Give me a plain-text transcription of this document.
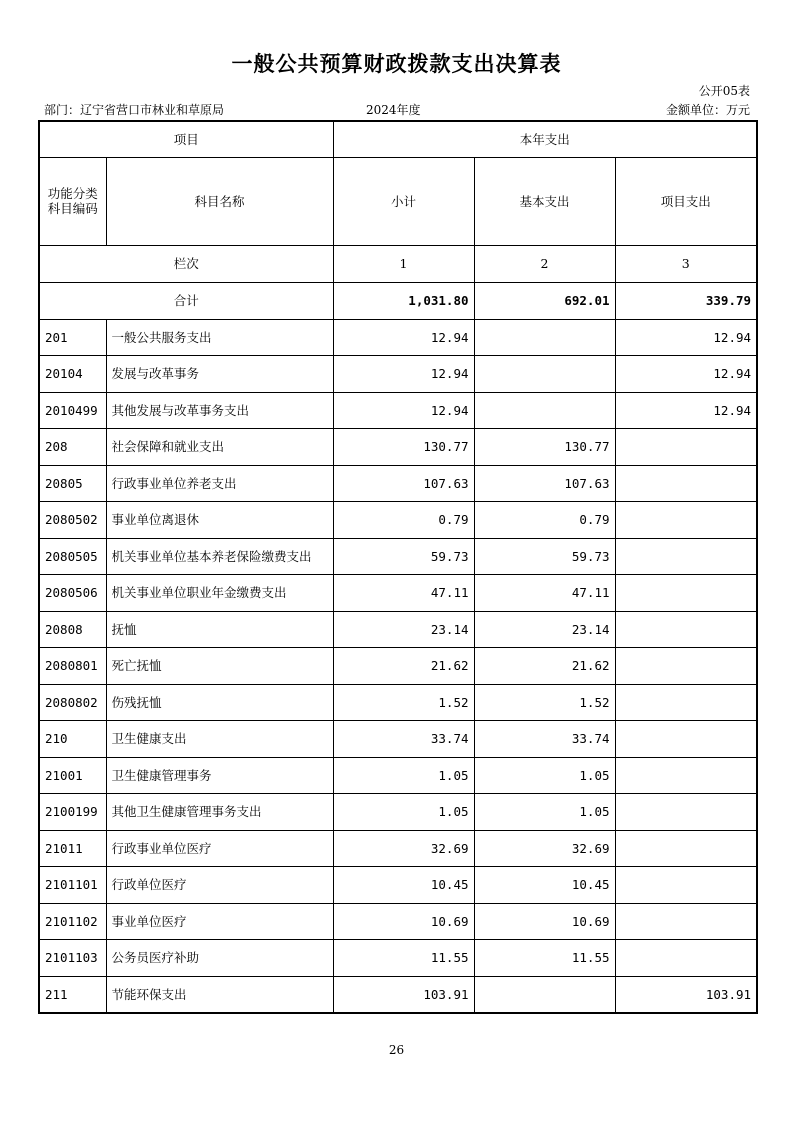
一般公共预算财政拨款支出决算表
公开05表
部门：辽宁省营口市林业和草原局	2024年度	金额单位：万元
项目		本年支出		
功能分类科目编码	科目名称	小计	基本支出	项目支出
栏次		1	2	3
合计		1,031.80	692.01	339.79
201	一般公共服务支出	12.94		12.94
20104	发展与改革事务	12.94		12.94
2010499	其他发展与改革事务支出	12.94		12.94
208	社会保障和就业支出	130.77	130.77	
20805	行政事业单位养老支出	107.63	107.63	
2080502	事业单位离退休	0.79	0.79	
2080505	机关事业单位基本养老保险缴费支出	59.73	59.73	
2080506	机关事业单位职业年金缴费支出	47.11	47.11	
20808	抚恤	23.14	23.14	
2080801	死亡抚恤	21.62	21.62	
2080802	伤残抚恤	1.52	1.52	
210	卫生健康支出	33.74	33.74	
21001	卫生健康管理事务	1.05	1.05	
2100199	其他卫生健康管理事务支出	1.05	1.05	
21011	行政事业单位医疗	32.69	32.69	
2101101	行政单位医疗	10.45	10.45	
2101102	事业单位医疗	10.69	10.69	
2101103	公务员医疗补助	11.55	11.55	
211	节能环保支出	103.91		103.91
26
